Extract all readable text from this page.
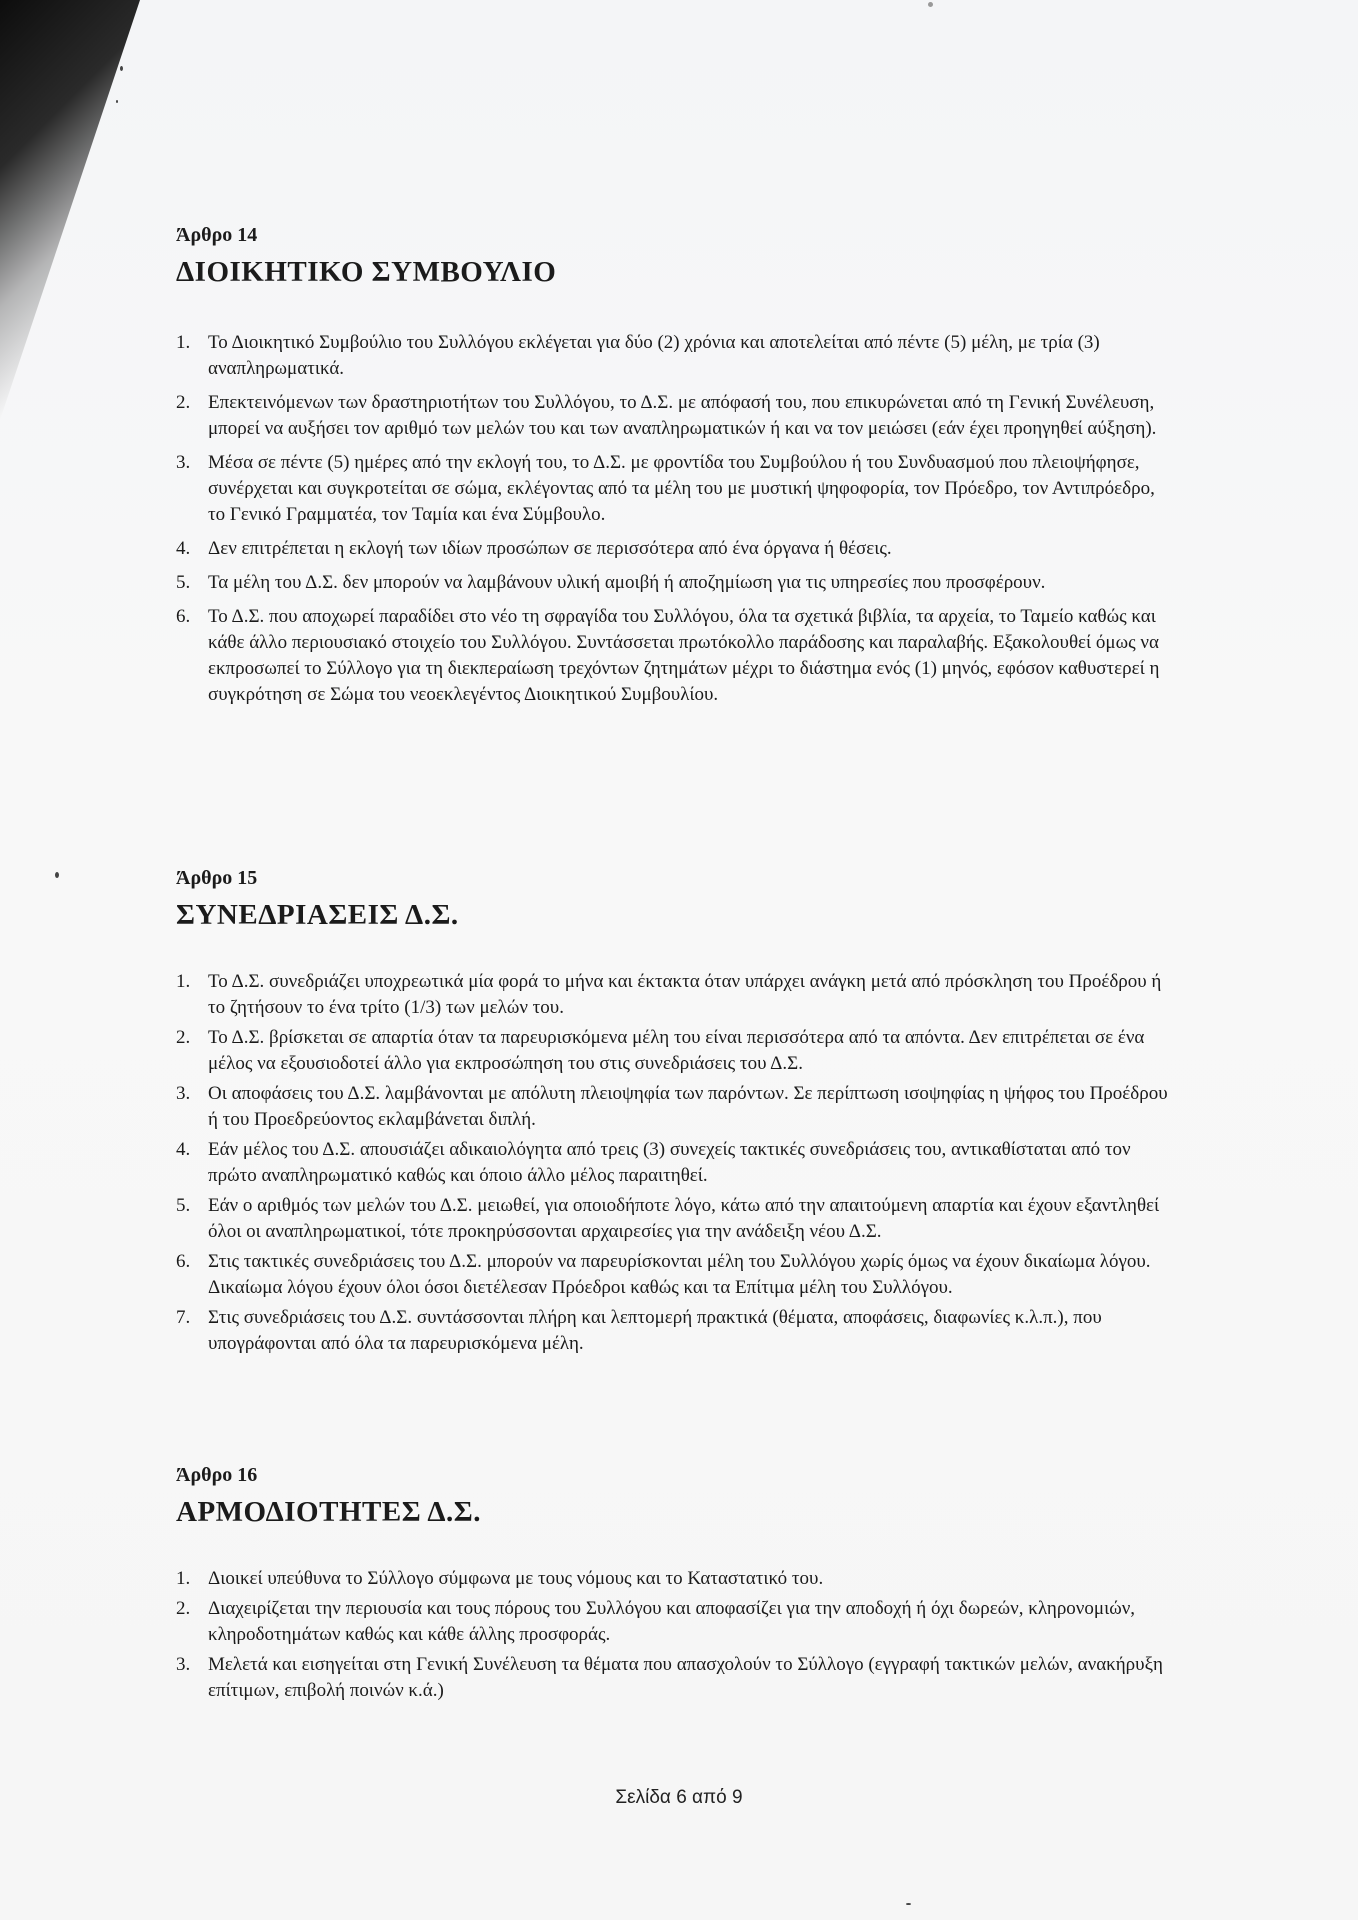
Άρθρο 14
ΔΙΟΙΚΗΤΙΚΟ ΣΥΜΒΟΥΛΙΟ
1. Το Διοικητικό Συμβούλιο του Συλλόγου εκλέγεται για δύο (2) χρόνια και αποτελείται από πέντε (5) μέλη, με τρία (3) αναπληρωματικά.
2. Επεκτεινόμενων των δραστηριοτήτων του Συλλόγου, το Δ.Σ. με απόφασή του, που επικυρώνεται από τη Γενική Συνέλευση, μπορεί να αυξήσει τον αριθμό των μελών του και των αναπληρωματικών ή και να τον μειώσει (εάν έχει προηγηθεί αύξηση).
3. Μέσα σε πέντε (5) ημέρες από την εκλογή του, το Δ.Σ. με φροντίδα του Συμβούλου ή του Συνδυασμού που πλειοψήφησε, συνέρχεται και συγκροτείται σε σώμα, εκλέγοντας από τα μέλη του με μυστική ψηφοφορία, τον Πρόεδρο, τον Αντιπρόεδρο, το Γενικό Γραμματέα, τον Ταμία και ένα Σύμβουλο.
4. Δεν επιτρέπεται η εκλογή των ιδίων προσώπων σε περισσότερα από ένα όργανα ή θέσεις.
5. Τα μέλη του Δ.Σ. δεν μπορούν να λαμβάνουν υλική αμοιβή ή αποζημίωση για τις υπηρεσίες που προσφέρουν.
6. Το Δ.Σ. που αποχωρεί παραδίδει στο νέο τη σφραγίδα του Συλλόγου, όλα τα σχετικά βιβλία, τα αρχεία, το Ταμείο καθώς και κάθε άλλο περιουσιακό στοιχείο του Συλλόγου. Συντάσσεται πρωτόκολλο παράδοσης και παραλαβής. Εξακολουθεί όμως να εκπροσωπεί το Σύλλογο για τη διεκπεραίωση τρεχόντων ζητημάτων μέχρι το διάστημα ενός (1) μηνός, εφόσον καθυστερεί η συγκρότηση σε Σώμα του νεοεκλεγέντος Διοικητικού Συμβουλίου.
Άρθρο 15
ΣΥΝΕΔΡΙΑΣΕΙΣ Δ.Σ.
1. Το Δ.Σ. συνεδριάζει υποχρεωτικά μία φορά το μήνα και έκτακτα όταν υπάρχει ανάγκη μετά από πρόσκληση του Προέδρου ή το ζητήσουν το ένα τρίτο (1/3) των μελών του.
2. Το Δ.Σ. βρίσκεται σε απαρτία όταν τα παρευρισκόμενα μέλη του είναι περισσότερα από τα απόντα. Δεν επιτρέπεται σε ένα μέλος να εξουσιοδοτεί άλλο για εκπροσώπηση του στις συνεδριάσεις του Δ.Σ.
3. Οι αποφάσεις του Δ.Σ. λαμβάνονται με απόλυτη πλειοψηφία των παρόντων. Σε περίπτωση ισοψηφίας η ψήφος του Προέδρου ή του Προεδρεύοντος εκλαμβάνεται διπλή.
4. Εάν μέλος του Δ.Σ. απουσιάζει αδικαιολόγητα από τρεις (3) συνεχείς τακτικές συνεδριάσεις του, αντικαθίσταται από τον πρώτο αναπληρωματικό καθώς και όποιο άλλο μέλος παραιτηθεί.
5. Εάν ο αριθμός των μελών του Δ.Σ. μειωθεί, για οποιοδήποτε λόγο, κάτω από την απαιτούμενη απαρτία και έχουν εξαντληθεί όλοι οι αναπληρωματικοί, τότε προκηρύσσονται αρχαιρεσίες για την ανάδειξη νέου Δ.Σ.
6. Στις τακτικές συνεδριάσεις του Δ.Σ. μπορούν να παρευρίσκονται μέλη του Συλλόγου χωρίς όμως να έχουν δικαίωμα λόγου. Δικαίωμα λόγου έχουν όλοι όσοι διετέλεσαν Πρόεδροι καθώς και τα Επίτιμα μέλη του Συλλόγου.
7. Στις συνεδριάσεις του Δ.Σ. συντάσσονται πλήρη και λεπτομερή πρακτικά (θέματα, αποφάσεις, διαφωνίες κ.λ.π.), που υπογράφονται από όλα τα παρευρισκόμενα μέλη.
Άρθρο 16
ΑΡΜΟΔΙΟΤΗΤΕΣ Δ.Σ.
1. Διοικεί υπεύθυνα το Σύλλογο σύμφωνα με τους νόμους και το Καταστατικό του.
2. Διαχειρίζεται την περιουσία και τους πόρους του Συλλόγου και αποφασίζει για την αποδοχή ή όχι δωρεών, κληρονομιών, κληροδοτημάτων καθώς και κάθε άλλης προσφοράς.
3. Μελετά και εισηγείται στη Γενική Συνέλευση τα θέματα που απασχολούν το Σύλλογο (εγγραφή τακτικών μελών, ανακήρυξη επίτιμων, επιβολή ποινών κ.ά.)
Σελίδα 6 από 9
